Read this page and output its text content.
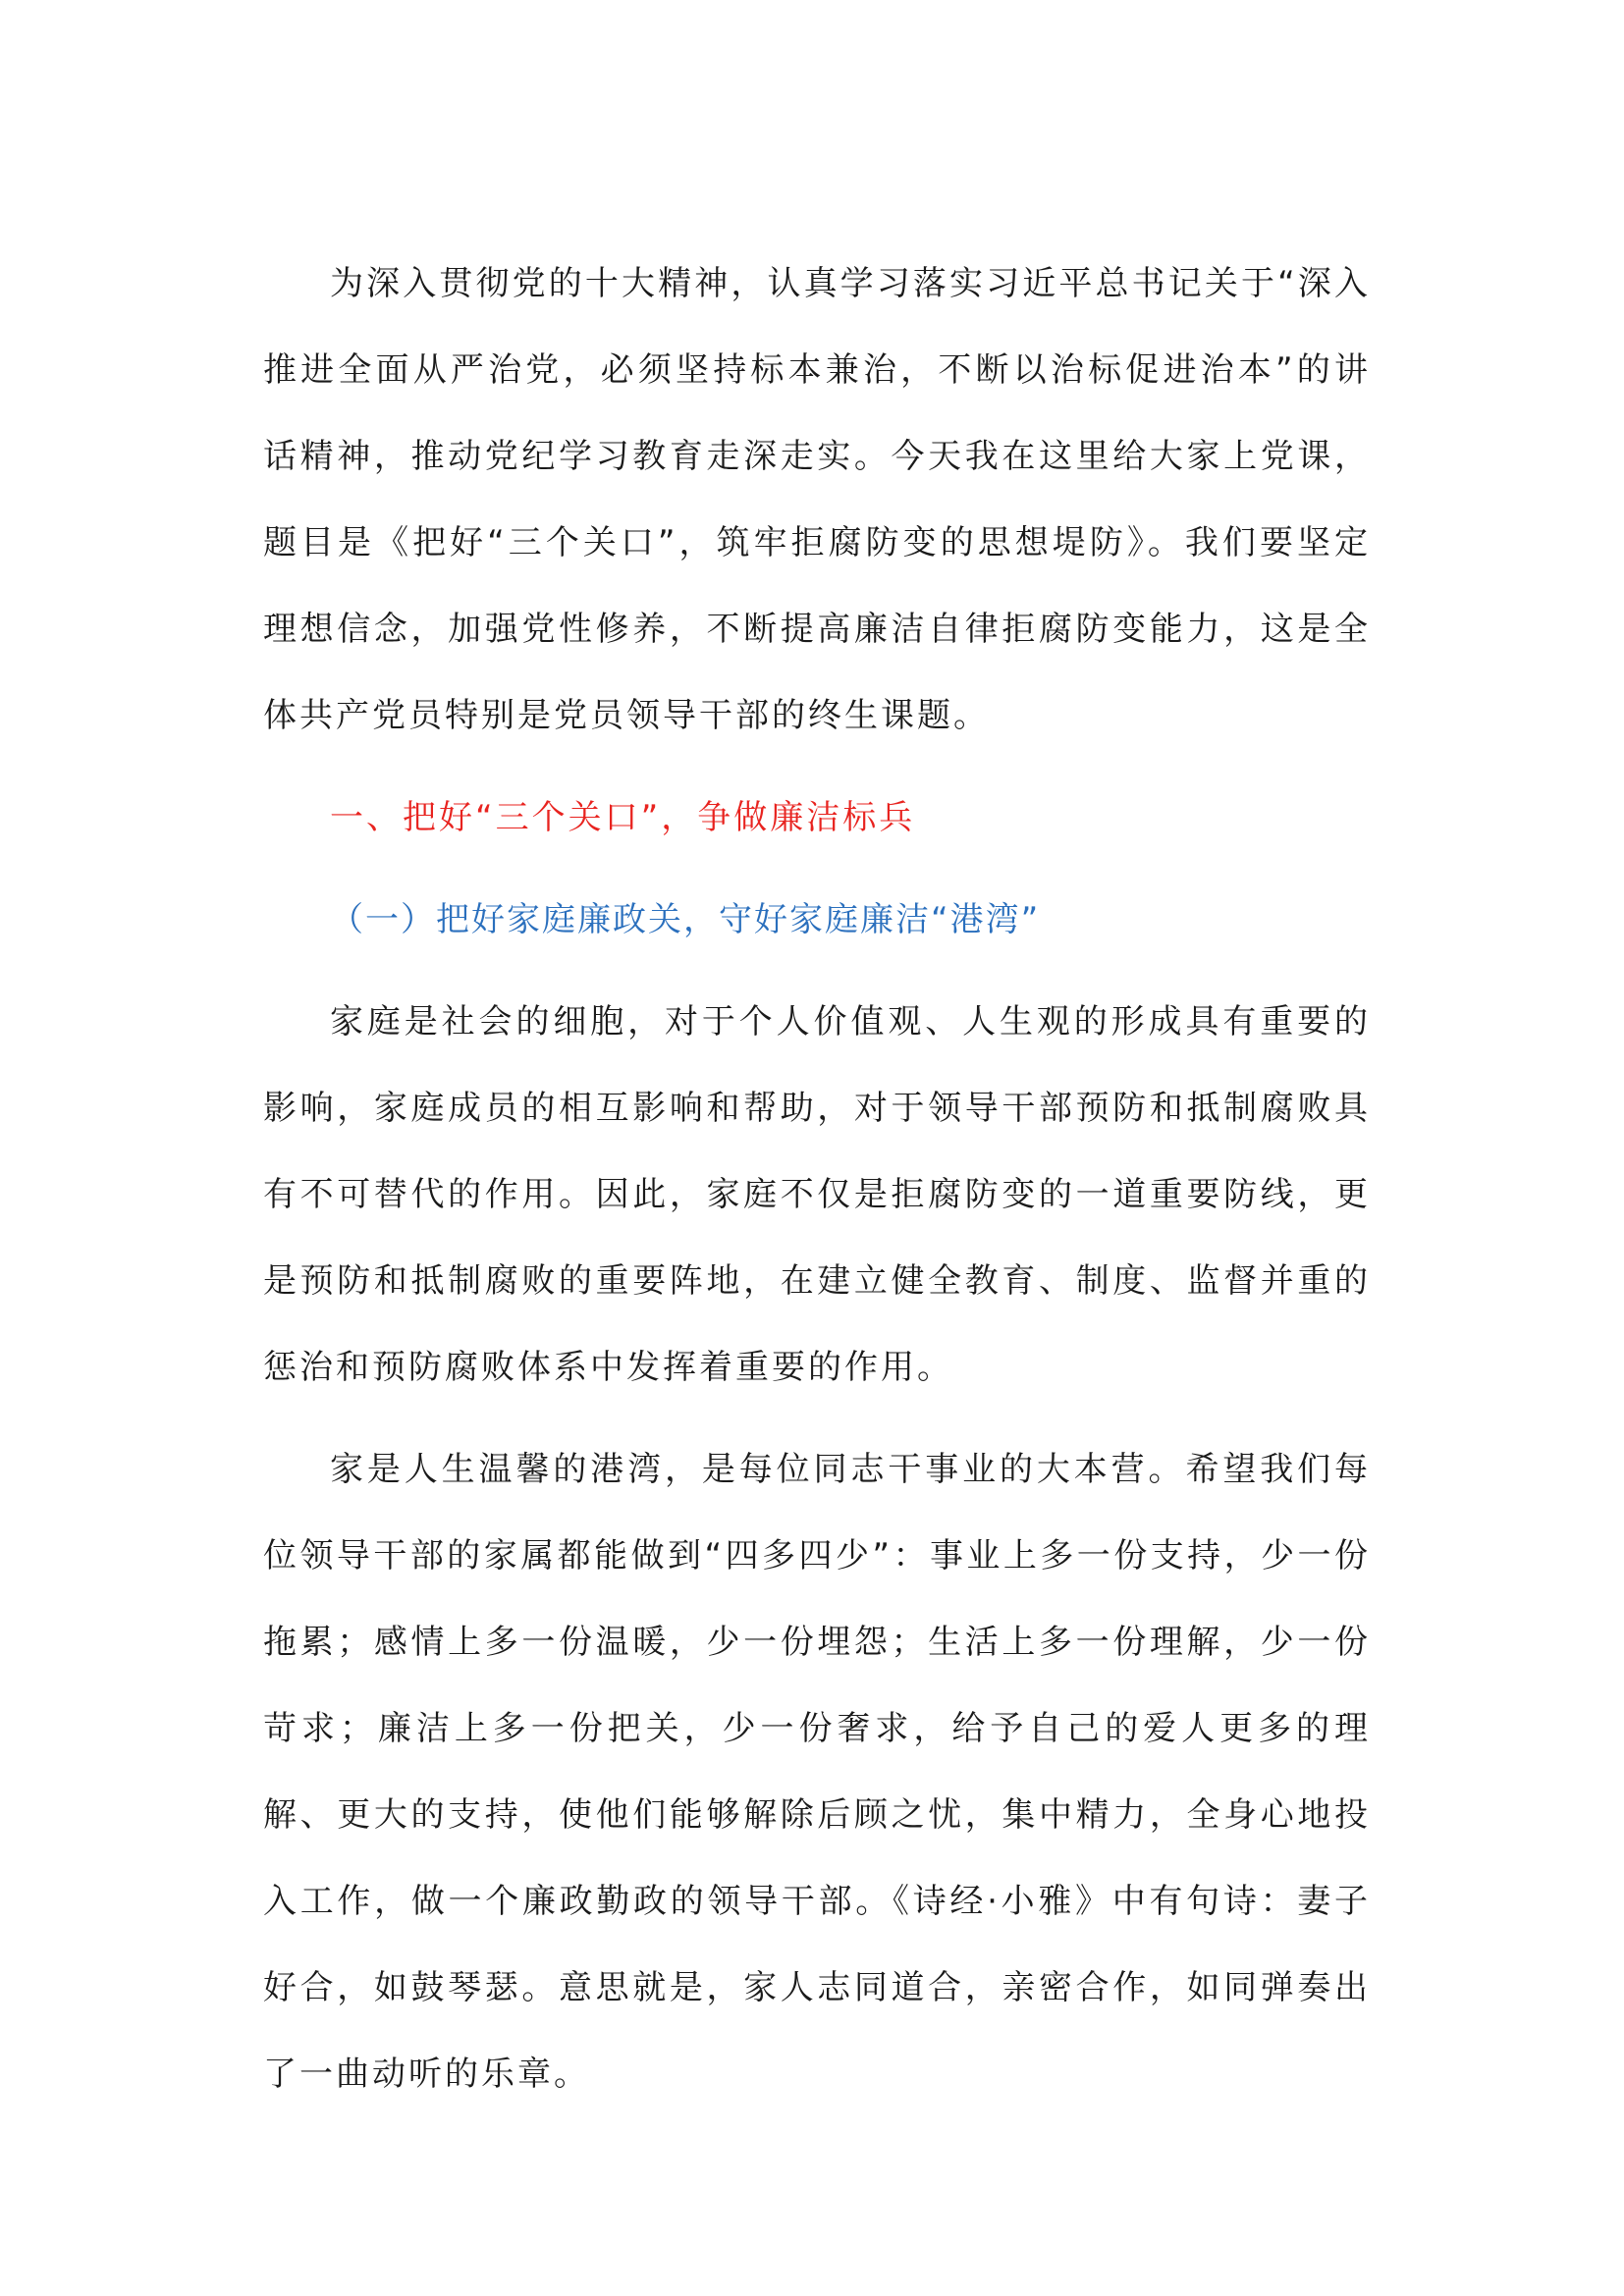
为深入贯彻党的十大精神，认真学习落实习近平总书记关于“深入推进全面从严治党，必须坚持标本兼治，不断以治标促进治本”的讲话精神，推动党纪学习教育走深走实。今天我在这里给大家上党课，题目是《把好“三个关口”，筑牢拒腐防变的思想堤防》。我们要坚定理想信念，加强党性修养，不断提高廉洁自律拒腐防变能力，这是全体共产党员特别是党员领导干部的终生课题。

一、把好“三个关口”，争做廉洁标兵

（一）把好家庭廉政关，守好家庭廉洁“港湾”

家庭是社会的细胞，对于个人价值观、人生观的形成具有重要的影响，家庭成员的相互影响和帮助，对于领导干部预防和抵制腐败具有不可替代的作用。因此，家庭不仅是拒腐防变的一道重要防线，更是预防和抵制腐败的重要阵地，在建立健全教育、制度、监督并重的惩治和预防腐败体系中发挥着重要的作用。

家是人生温馨的港湾，是每位同志干事业的大本营。希望我们每位领导干部的家属都能做到“四多四少”：事业上多一份支持，少一份拖累；感情上多一份温暖，少一份埋怨；生活上多一份理解，少一份苛求；廉洁上多一份把关，少一份奢求，给予自己的爱人更多的理解、更大的支持，使他们能够解除后顾之忧，集中精力，全身心地投入工作，做一个廉政勤政的领导干部。《诗经·小雅》中有句诗：妻子好合，如鼓琴瑟。意思就是，家人志同道合，亲密合作，如同弹奏出了一曲动听的乐章。
